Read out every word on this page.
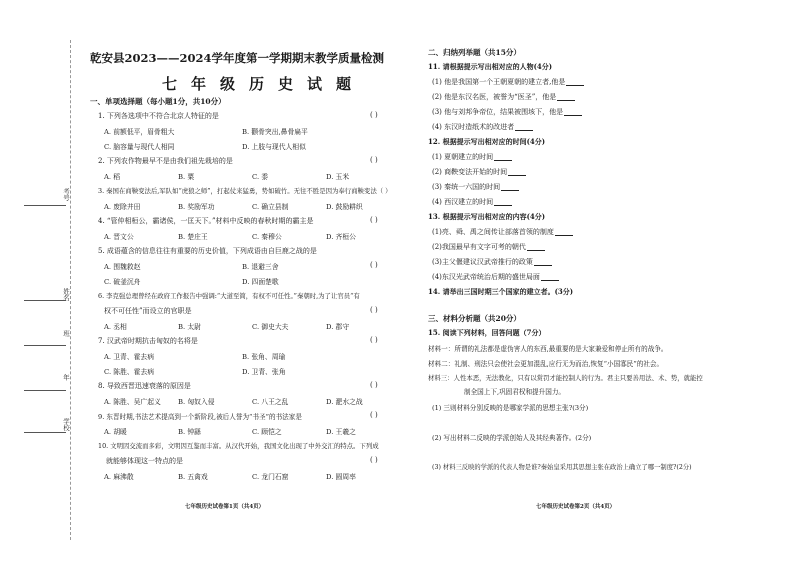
考号
姓名
班
年
学校
乾安县2023——2024学年度第一学期期末教学质量检测
七年级历史试题
一、单项选择题（每小题1分，共10分）
1. 下列各选项中不符合北京人特征的是	( )
A. 前额低平，眉骨粗大	B. 颧骨突出,鼻骨扁平
C. 脑容量与现代人相同	D. 上肢与现代人相似
2. 下列农作物最早不是由我们祖先栽培的是	( )
A. 稻	B. 粟	C. 黍	D. 玉米
3. 秦国在商鞅变法后,军队如“虎狼之师”，打起仗来猛勇，势如破竹。无往不胜是因为奉行商鞅变法（ ）
A. 废除井田	B. 奖励军功	C. 确立县制	D. 鼓励耕织
4. “管仲相桓公，霸诸侯，一匡天下。”材料中反映的春秋时期的霸主是	( )
A. 晋文公	B. 楚庄王	C. 秦穆公	D. 齐桓公
5. 成语蕴含的信息往往有重要的历史价值，下列成语由自巨鹿之战的是
( )
A. 围魏救赵	B. 退避三舍
C. 破釜沉舟	D. 四面楚歌
6. 李克强总理曾经在政府工作报告中强调:“大道至简，有权不可任性。”秦朝时,为了让官员“有
权不可任性”而设立的官职是	( )
A. 丞相	B. 太尉	C. 御史大夫	D. 郡守
7. 汉武帝时期抗击匈奴的名将是	( )
A. 卫青、霍去病	B. 张角、周瑜
C. 陈胜、霍去病	D. 卫青、张角
8. 导致西晋迅速衰落的原因是	( )
A. 陈胜、吴广起义	B. 匈奴入侵	C. 八王之乱	D. 淝水之战
9. 东晋时期,书法艺术提高到一个新阶段,被后人誉为“书圣”的书法家是	( )
A. 胡暖	B. 钟繇	C. 顾恺之	D. 王羲之
10. 文明因交流而多彩，文明因互鉴而丰富。从汉代开始，我国文化出现了中外交汇的特点。下列成
就能够体现这一特点的是	( )
A. 麻沸散	B. 五禽戏	C. 龙门石窟	D. 圆周率
七年级历史试卷第1页（共4页）
二、归纳列举题（共15分）
11. 请根据提示写出相对应的人物(4分)
(1) 他是我国第一个王朝夏朝的建立者,他是
(2) 他是东汉名医，被誉为“医圣”，他是
(3) 他与刘邦争帝位，结果被围垓下，他是
(4) 东汉时造纸术的改进者
12. 根据提示写出相对应的时间(4分)
(1) 夏朝建立的时间
(2) 商鞅变法开始的时间
(3) 秦统一六国的时间
(4) 西汉建立的时间
13. 根据提示写出相对应的内容(4分)
(1)亮、舜、禹之间传让部落首领的制度
(2)我国最早有文字可考的朝代
(3)主父偃建议汉武帝推行的政策
(4)东汉光武帝统治后期的盛世局面
14. 请举出三国时期三个国家的建立者。(3分)
三、材料分析题（共20分）
15. 阅读下列材料，回答问题（7分）
材料一：所谓的礼法都是虚伪害人的东西,最重要的是大家兼爱和停止所有的战争。
材料二：礼制、刑法只会使社会更加混乱,应行无为而治,恢复“小国寡民”的社会。
材料三：人性本恶，无法教化，只有以赏罚才能控制人的行为。君主只要善用法、术、势，就能控
制全国上下,巩固君权和提升国力。
(1) 三则材料分别反映的是哪家学派的思想主张?(3分)
(2) 写出材料二反映的学派创始人及其经典著作。(2分)
(3) 材料三反映的学派的代表人物是谁?秦始皇采用其思想主张在政治上确立了哪一制度?(2分)
七年级历史试卷第2页（共4页）
